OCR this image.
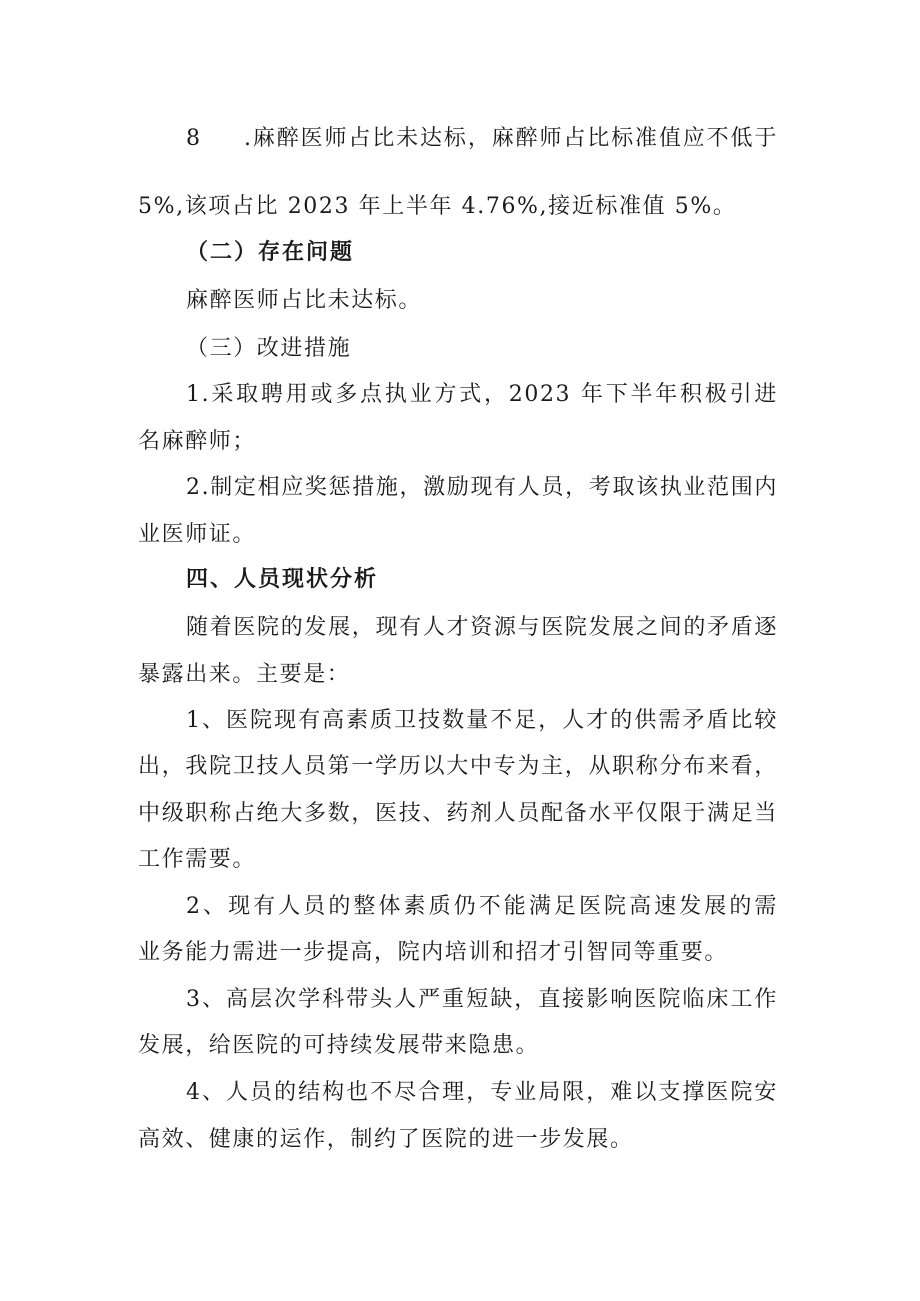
8 .麻醉医师占比未达标，麻醉师占比标准值应不低于
5%,该项占比 2023 年上半年 4.76%,接近标准值 5%。
（二）存在问题
麻醉医师占比未达标。
（三）改进措施
1.采取聘用或多点执业方式，2023 年下半年积极引进
名麻醉师；
2.制定相应奖惩措施，激励现有人员，考取该执业范围内
业医师证。
四、人员现状分析
随着医院的发展，现有人才资源与医院发展之间的矛盾逐
暴露出来。主要是：
1、医院现有高素质卫技数量不足，人才的供需矛盾比较
出，我院卫技人员第一学历以大中专为主，从职称分布来看，
中级职称占绝大多数，医技、药剂人员配备水平仅限于满足当
工作需要。
2、现有人员的整体素质仍不能满足医院高速发展的需
业务能力需进一步提高，院内培训和招才引智同等重要。
3、高层次学科带头人严重短缺，直接影响医院临床工作
发展，给医院的可持续发展带来隐患。
4、人员的结构也不尽合理，专业局限，难以支撑医院安
高效、健康的运作，制约了医院的进一步发展。
